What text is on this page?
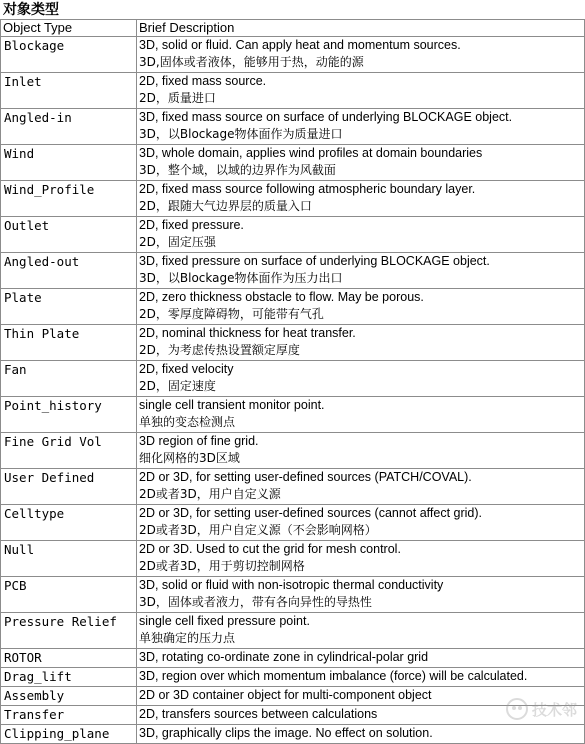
对象类型
Object Type	Brief Description
Blockage	3D, solid or fluid. Can apply heat and momentum sources.
3D,固体或者液体，能够用于热，动能的源

Inlet	2D, fixed mass source.
2D，质量进口

Angled-in	3D, fixed mass source on surface of underlying BLOCKAGE object.
3D，以Blockage物体面作为质量进口

Wind	3D, whole domain, applies wind profiles at domain boundaries
3D，整个域，以域的边界作为风截面

Wind_Profile	2D, fixed mass source following atmospheric boundary layer.
2D，跟随大气边界层的质量入口

Outlet	2D, fixed pressure.
2D，固定压强

Angled-out	3D, fixed pressure on surface of underlying BLOCKAGE object.
3D，以Blockage物体面作为压力出口

Plate	2D, zero thickness obstacle to flow. May be porous.
2D，零厚度障碍物，可能带有气孔

Thin Plate	2D, nominal thickness for heat transfer.
2D，为考虑传热设置额定厚度

Fan	2D, fixed velocity
2D，固定速度

Point_history	single cell transient monitor point.
单独的变态检测点

Fine Grid Vol	3D region of fine grid.
细化网格的3D区域

User Defined	2D or 3D, for setting user-defined sources (PATCH/COVAL).
2D或者3D，用户自定义源

Celltype	2D or 3D, for setting user-defined sources (cannot affect grid).
2D或者3D，用户自定义源（不会影响网格）

Null	2D or 3D. Used to cut the grid for mesh control.
2D或者3D，用于剪切控制网格

PCB	3D, solid or fluid with non-isotropic thermal conductivity
3D，固体或者液力，带有各向异性的导热性

Pressure Relief	single cell fixed pressure point.
单独确定的压力点

ROTOR	3D, rotating co-ordinate zone in cylindrical-polar grid

Drag_lift	3D, region over which momentum imbalance (force) will be calculated.

Assembly	2D or 3D container object for multi-component object

Transfer	2D, transfers sources between calculations

Clipping_plane	3D, graphically clips the image. No effect on solution.
技术邻
